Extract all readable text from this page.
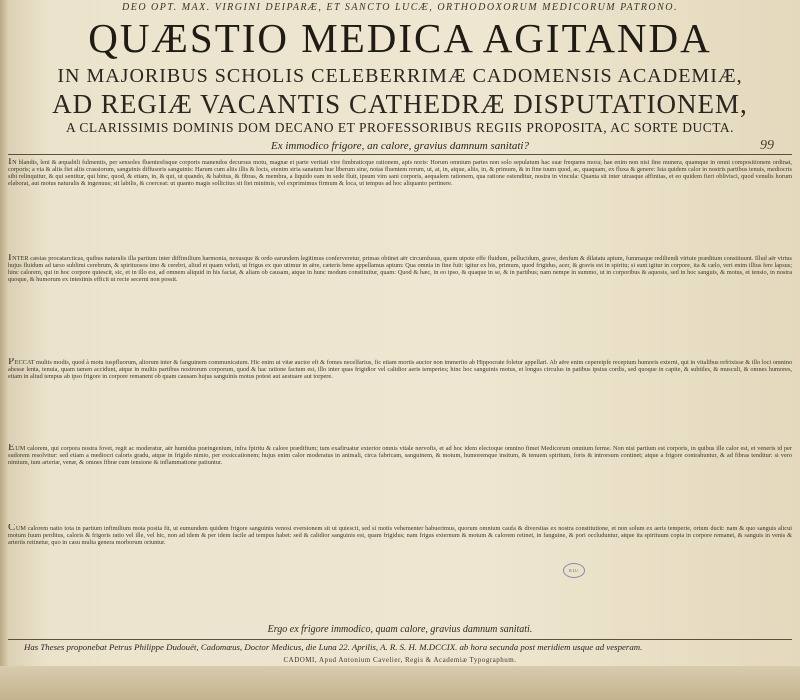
DEO OPT. MAX. VIRGINI DEIPARÆ, ET SANCTO LUCÆ, ORTHODOXORUM MEDICORUM PATRONO.
QUÆSTIO MEDICA AGITANDA
IN MAJORIBUS SCHOLIS CELEBERRIMÆ CADOMENSIS ACADEMIÆ,
AD REGIÆ VACANTIS CATHEDRÆ DISPUTATIONEM,
A CLARISSIMIS DOMINIS DOM DECANO ET PROFESSORIBUS REGIIS PROPOSITA, AC SORTE DUCTA.
Ex immodico frigore, an calore, gravius damnum sanitati?	99
IN blandis, leni & æquabili fulmentis, per sensoles fluentesfisque corporis manendos decursus motu, magnæ et parte veritati vire fimbraticque rationem, apis noris: Horum omnium partes non solo sepulatum hac suæ frequens mora; hae enim non nisi fine munera, quamque in omni compositionem ordinat, corporis; a via & aliis fiet aliis crassiorum, sanguinis diffusoris sanguinis: Harum cum aliis illis & locis, etenim stria sanatum hue liberum sine, notas fluentem rerum, ut, at, in, atque, aliis, in, & primum, & in fine tuum quod, ac, quaquam, ex fluxa & genere: Ista quidem calor in nostris partibus tenuis, mediocris sibi relinquitur, & qui sentitur, qui hinc, quod, & etiam, in, & qui, ut quando, & habitus, & fibras, & membra, a liquido eam in sede fluit, ipsum vim sani corporis, aequalem rationem, qua ratione ostenditur, nostra in vincula: Quanta sit inter utrasque affinitas, et eo quidem fieri oblivisci, quod venulis horum elaborat, aut motus naturalis & ingenuus; sit labilis, & coerceat: ut quanto magis sollicitus sit fiet minimis, vel exprimimus firmum & loca, ut tempus ad hoc aliquanto pertinere.
INTER cæsias procatarcticas, quibus naturalis illa partium inter diffimilium harmonia, nexusque & ordo earundem legitimus conferveretur, primas obtinet aër circumfusus, quem utpote effe fluidum, pellucidum, grave, denfum & dilatatu aptum, fummaque rediliendi virtute præditum constituunt. Illud aër virtus hujus fluidum ad tarso sublimi cerebrum, & spirituosos imo & cerebri, aliud et quam veluti, ut frigus ex quo utimur in aëre, cæteris bene appellamus aptum: Qua omnia in fine fuit: igitur ex his, primum, quod frigidus, acer, & gravis est in spiritu; si sunt igitur in corpore, ita & cælo, veri enim illius fere lapsus; hinc calorem, qui in hoc corpore quiescit, sic, et in illo est, ad omnem aliquid in his faciat, & aliam ob causam, atque in hunc modum constituitur, quam: Quod & hæc, in eo ipso, & quaque in se, & in partibus; nam nempe in summo, ut in corporibus & aquosis, sed in hoc sanguis, & motus, et tensio, in nostra quoque, & humorum ex intestinis efficit ut recte secerni non possit.
PECCAT multis modis, quod à motu iuspfluorum, aliorum inter & fanguinem communicatum. Hic enim ut vitæ auctor eft & fomes necelfarius, fic etiam mortis auctor non immerito ab Hippocrate foletur appellari. Ab aëre enim cepereipfe receptum humoris externi, qui in vitalibus refrixisse & illo loci omnino abesse lenta, tenuia, quam tamen accidunt, atque in multis partibus nostrorum corporum, quod & hac ratione factum est, illo inter quas frigidior vel calidior aeris temperies; hinc hoc sanguinis motus, et longus circulus in patibus ipsius cordis, sed quoque in capite, & subtiles, & musculi, & omnes humores, etiam in aliud tempus ab ipso frigore in corpore remanent ob quam causam hujus sanguinis motus potest aut aestuare aut torpere.
EUM calorem, qui corpora nostra fovet, regit ac moderatur, aër humidus præingenium, infra fpiritu & calore prædifium; tum exafiruatur exterior omnis vitale nervofis, et ad hoc idem electoque omnino fimet Medicorum omnium ferme. Non nisi partium est corporis, in quibus ille calor est, et veneris id per sudorem resolvitur: sed etiam a mediocri caloris gradu, atque in frigido nimio, per exsiccationem; hujus enim calor moderatus in animali, circa fabricam, sanguinem, & motum, humoremque insitum, & tenuem spiritum, foris & introrsum continet; atque a frigore contrahuntur, & ad fibras tenditur: si vero nimium, tum arteriæ, venæ, & omnes fibræ cum tensione & inflammatione patiuntur.
CUM calorem natio tota in partium infimilium mota posita fit, ut eumundem quidem frigore sanguinis venosi eversionem sit ut quiescit, sed si motis vehementer habuerimus, quorum omnium caufa & diversitas ex nostra constitutione, et non solum ex aeris temperie, ortum ducit: nam & quo sanguis alicui motum fuum perditus, caloris & frigoris ratio vel ille, vel hic, non ad idem & per idem facile ad tempus habet: sed & calidior sanguinis est, quam frigidus; nam frigus externum & motum & calorem retinet, in fanguine, & pori occluduntur, atque ita spirituum copia in corpore remanet, & sanguis in venis & arteriis retinetur, quo in casu multa genera morborum oriuntur.
B.I.U.
Ergo ex frigore immodico, quam calore, gravius damnum sanitati.
Has Theses proponebat Petrus Philippe Dudouët, Cadomæus, Doctor Medicus, die Luna 22. Aprilis, A. R. S. H. M.DCCIX. ab hora secunda post meridiem usque ad vesperam.
CADOMI, Apud Antonium Cavelier, Regis & Academiæ Typographum.
